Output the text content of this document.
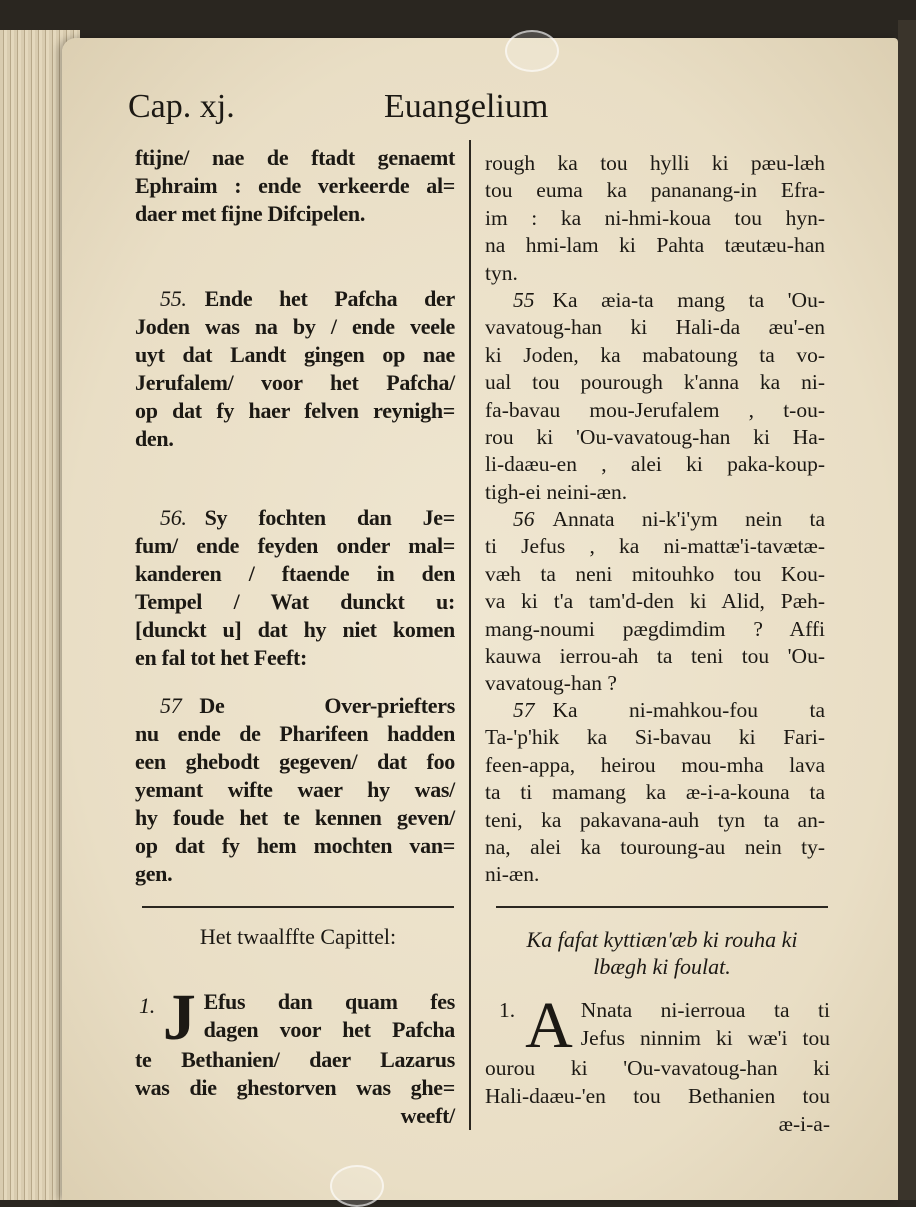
Cap. xj.	Euangelium
ftijne/ nae de ftadt genaemt
Ephraim : ende verkeerde al=
daer met fijne Difcipelen.
55. Ende het Pafcha der
Joden was na by / ende veele
uyt dat Landt gingen op nae
Jerufalem/ voor het Pafcha/
op dat fy haer felven reynigh=
den.
56. Sy fochten dan Je=
fum/ ende feyden onder mal=
kanderen / ftaende in den
Tempel / Wat dunckt u:
[dunckt u] dat hy niet komen
en fal tot het Feeft:
57 De Over-priefters
nu ende de Pharifeen hadden
een ghebodt gegeven/ dat foo
yemant wifte waer hy was/
hy foude het te kennen geven/
op dat fy hem mochten van=
gen.
Het twaalffte Capittel:
1. J Efus dan quam fes
dagen voor het Pafcha
te Bethanien/ daer Lazarus
was die ghestorven was ghe=
weeft/
rough ka tou hylli ki pæu-læh
tou euma ka pananang-in Efra-
im : ka ni-hmi-koua tou hyn-
na hmi-lam ki Pahta tæutæu-han
tyn.
55 Ka æia-ta mang ta 'Ou-
vavatoug-han ki Hali-da æu'-en
ki Joden, ka mabatoung ta vo-
ual tou pourough k'anna ka ni-
fa-bavau mou-Jerufalem , t-ou-
rou ki 'Ou-vavatoug-han ki Ha-
li-daæu-en , alei ki paka-koup-
tigh-ei neini-æn.
56 Annata ni-k'i'ym nein ta
ti Jefus , ka ni-mattæ'i-tavætæ-
væh ta neni mitouhko tou Kou-
va ki t'a tam'd-den ki Alid, Pæh-
mang-noumi pægdimdim ? Affi
kauwa ierrou-ah ta teni tou 'Ou-
vavatoug-han ?
57 Ka ni-mahkou-fou ta
Ta-'p'hik ka Si-bavau ki Fari-
feen-appa, heirou mou-mha lava
ta ti mamang ka æ-i-a-kouna ta
teni, ka pakavana-auh tyn ta an-
na, alei ka touroung-au nein ty-
ni-æn.
Ka fafat kyttiæn'æb ki rouha ki
lbægh ki foulat.
1. A Nnata ni-ierroua ta ti
Jefus ninnim ki wæ'i tou
ourou ki 'Ou-vavatoug-han ki
Hali-daæu-'en tou Bethanien tou
æ-i-a-
